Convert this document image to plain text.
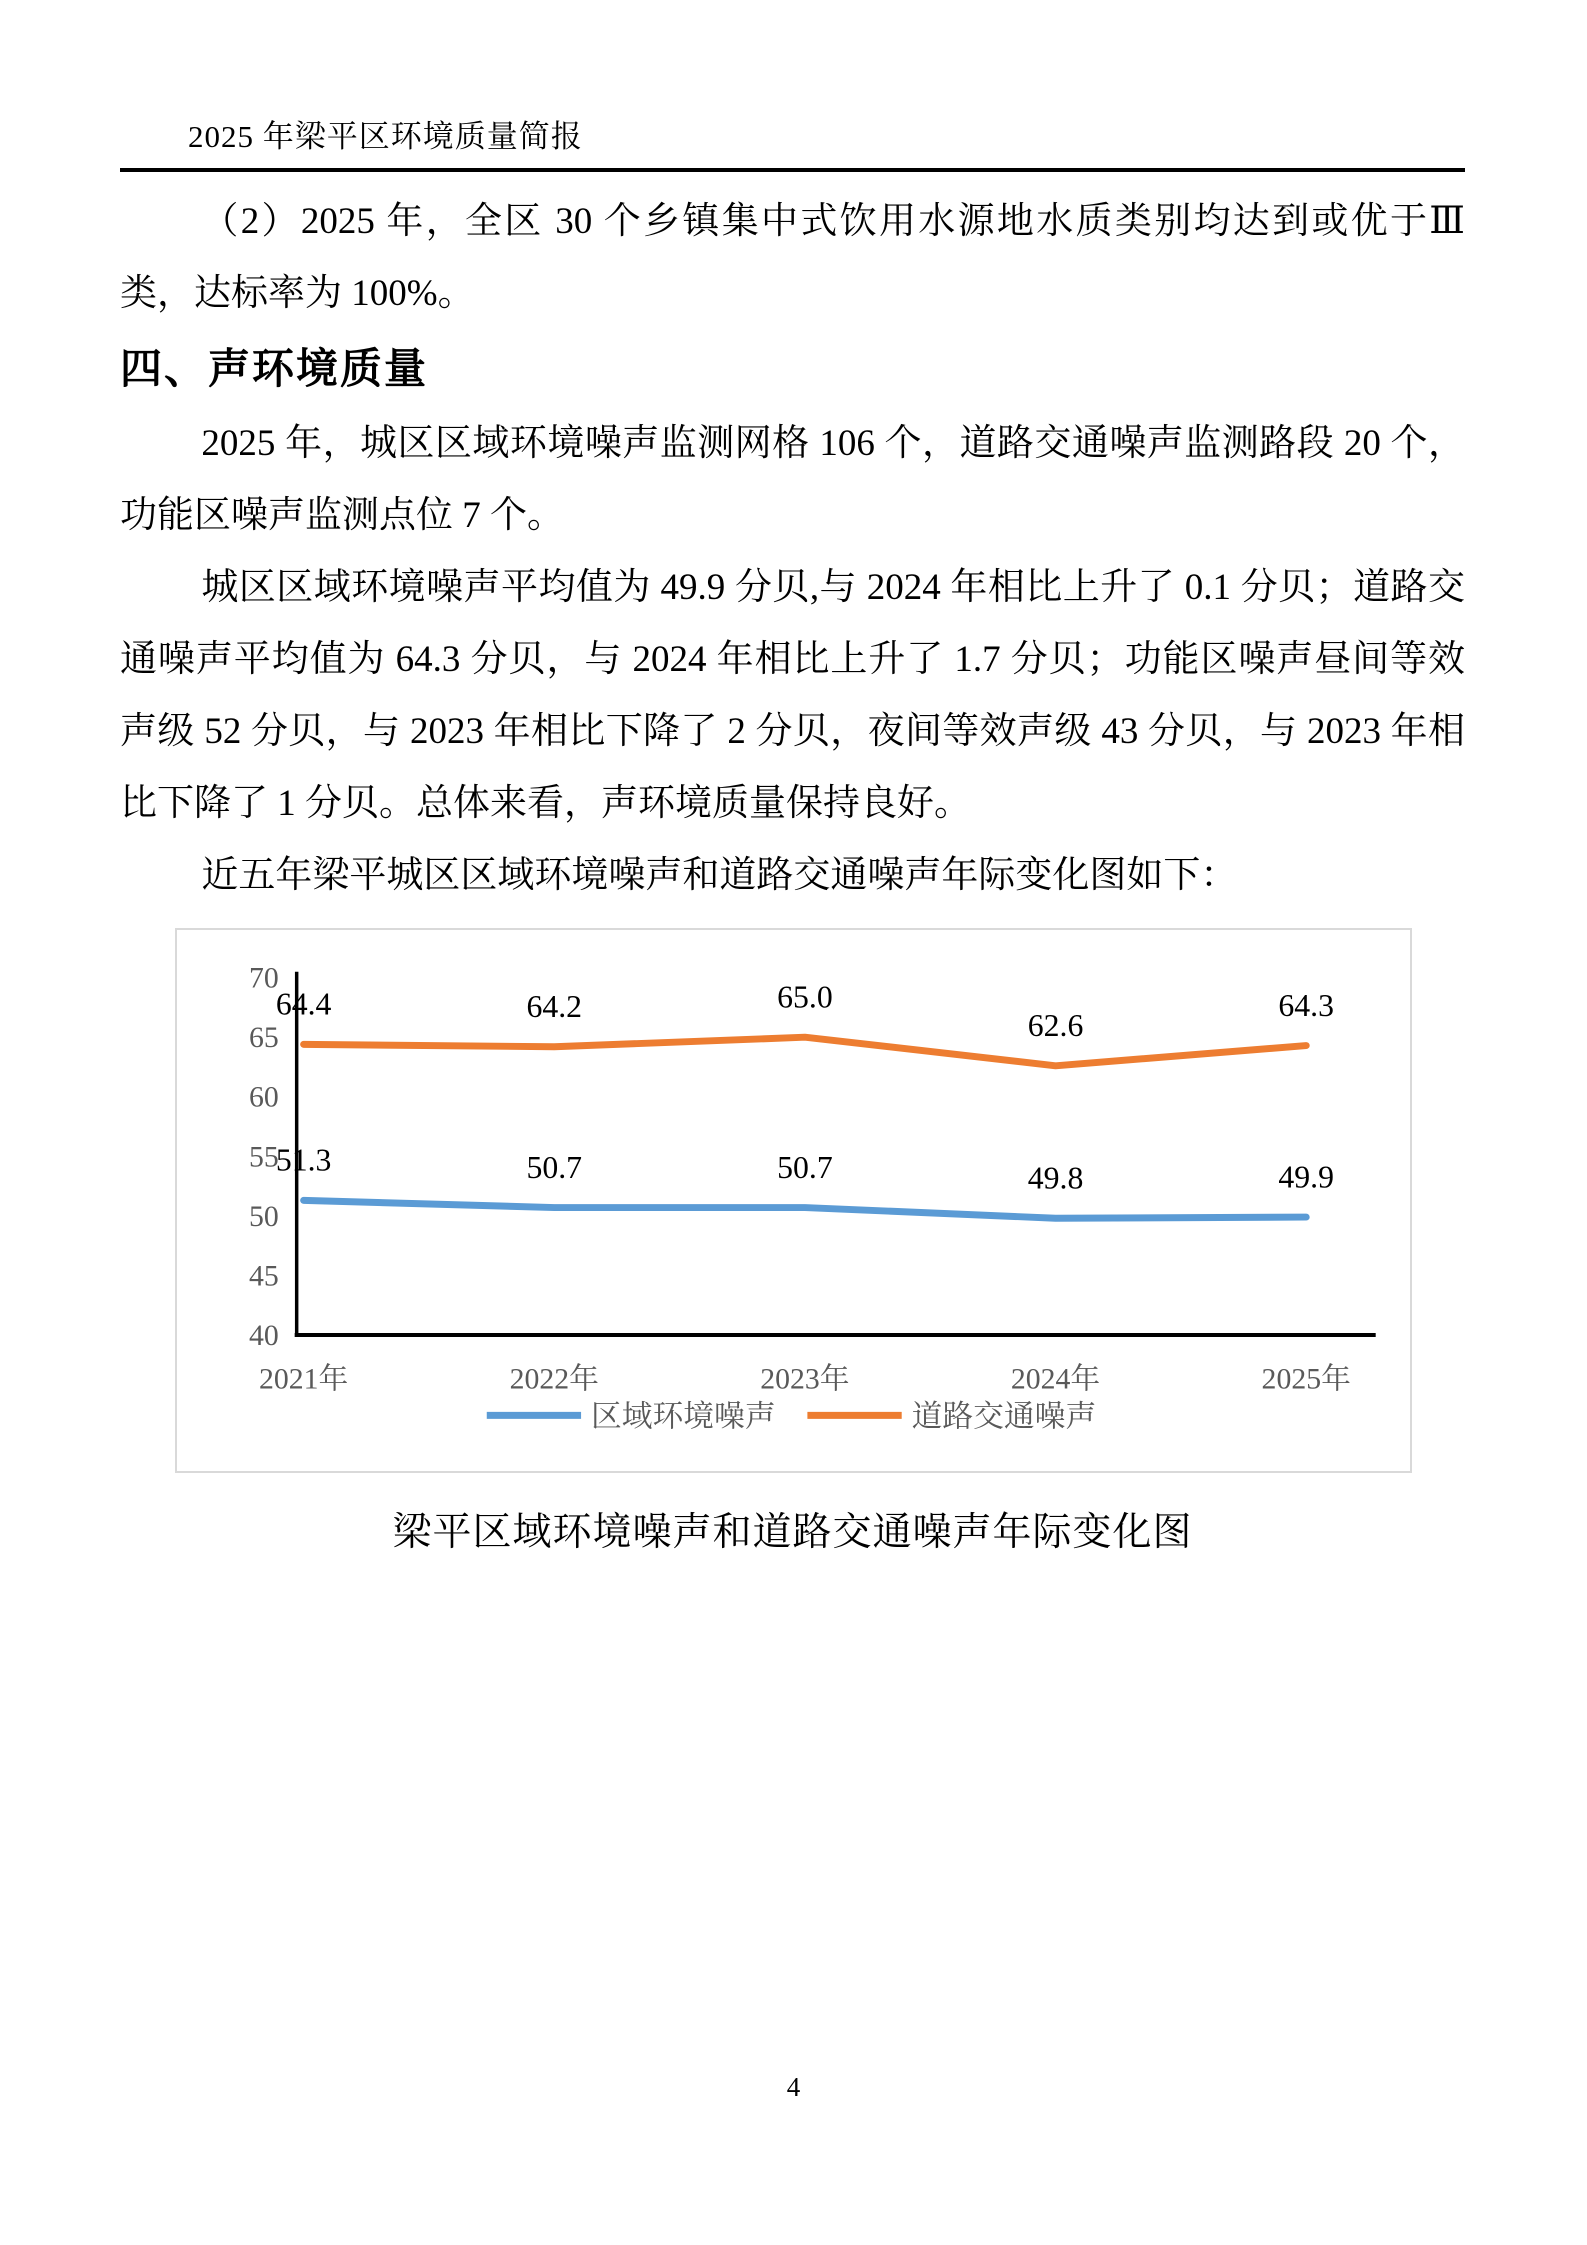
2025 年梁平区环境质量简报

（2）2025 年，全区 30 个乡镇集中式饮用水源地水质类别均达到或优于Ⅲ类，达标率为 100%。

四、声环境质量

2025 年，城区区域环境噪声监测网格 106 个，道路交通噪声监测路段 20 个，功能区噪声监测点位 7 个。

城区区域环境噪声平均值为 49.9 分贝,与 2024 年相比上升了 0.1 分贝；道路交通噪声平均值为 64.3 分贝，与 2024 年相比上升了 1.7 分贝；功能区噪声昼间等效声级 52 分贝，与 2023 年相比下降了 2 分贝，夜间等效声级 43 分贝，与 2023 年相比下降了 1 分贝。总体来看，声环境质量保持良好。

近五年梁平城区区域环境噪声和道路交通噪声年际变化图如下：

40
45
50
55
60
65
70
2021年	2022年	2023年	2024年	2025年
51.3	50.7	50.7	49.8	49.9
64.4	64.2	65.0
62.6
64.3
区域环境噪声	道路交通噪声
梁平区域环境噪声和道路交通噪声年际变化图
4
